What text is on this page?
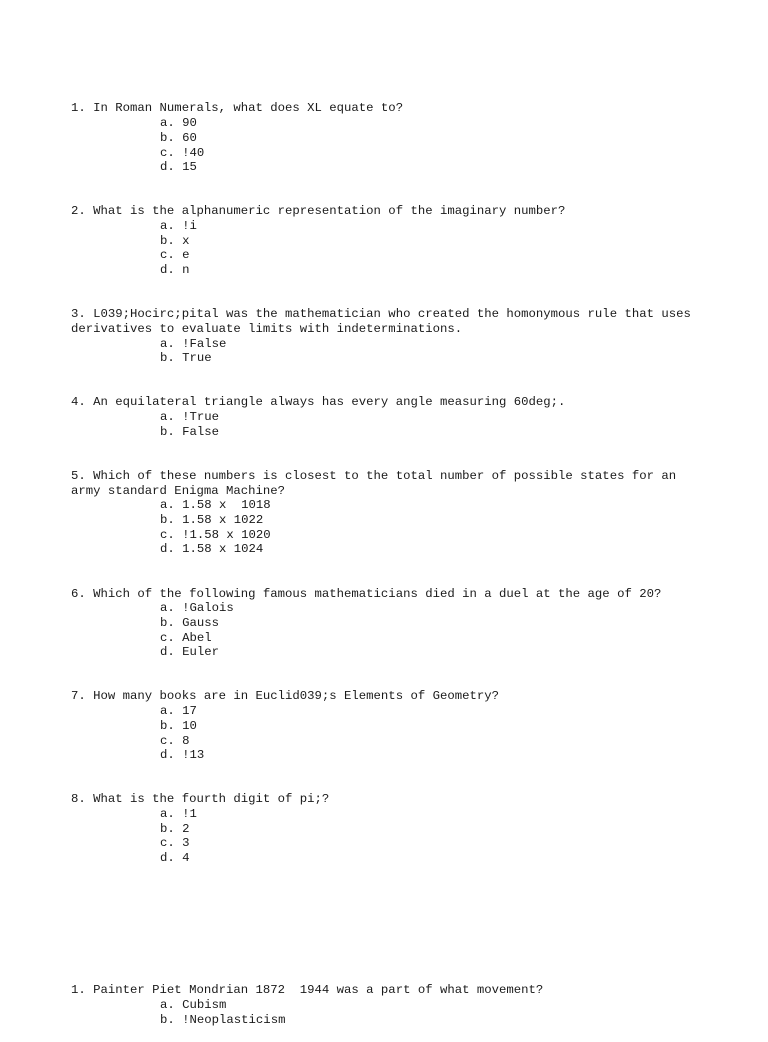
1. In Roman Numerals, what does XL equate to?
a. 90
b. 60
c. !40
d. 15
2. What is the alphanumeric representation of the imaginary number?
a. !i
b. x
c. e
d. n
3. L039;Hocirc;pital was the mathematician who created the homonymous rule that uses derivatives to evaluate limits with indeterminations.
a. !False
b. True
4. An equilateral triangle always has every angle measuring 60deg;.
a. !True
b. False
5. Which of these numbers is closest to the total number of possible states for an army standard Enigma Machine?
a. 1.58 x  1018
b. 1.58 x 1022
c. !1.58 x 1020
d. 1.58 x 1024
6. Which of the following famous mathematicians died in a duel at the age of 20?
a. !Galois
b. Gauss
c. Abel
d. Euler
7. How many books are in Euclid039;s Elements of Geometry?
a. 17
b. 10
c. 8
d. !13
8. What is the fourth digit of pi;?
a. !1
b. 2
c. 3
d. 4

1. Painter Piet Mondrian 1872  1944 was a part of what movement?
a. Cubism
b. !Neoplasticism
